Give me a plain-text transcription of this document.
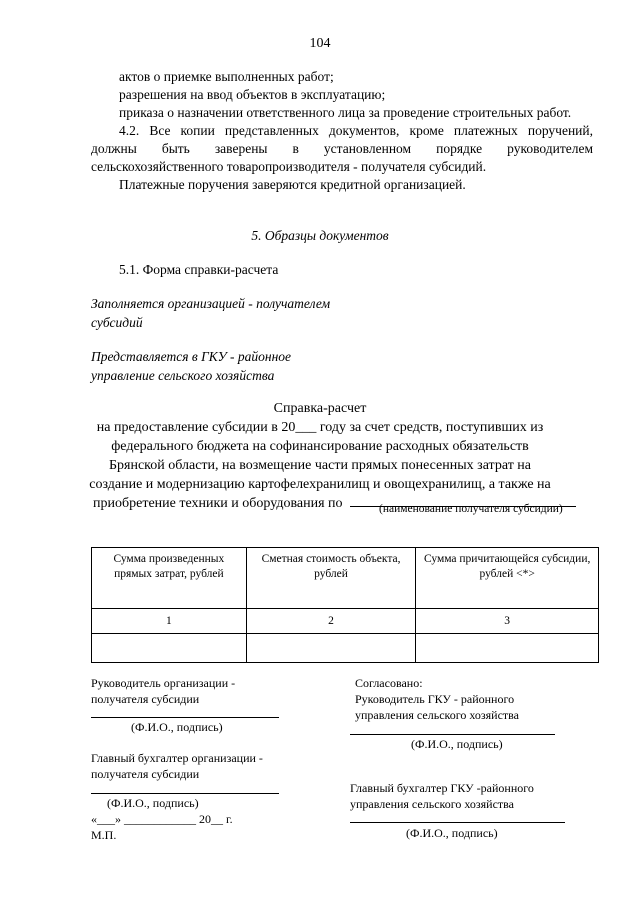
104

актов о приемке выполненных работ;

разрешения на ввод объектов в эксплуатацию;

приказа о назначении ответственного лица за проведение строительных работ.

4.2. Все копии представленных документов, кроме платежных поручений, должны быть заверены в установленном порядке руководителем сельскохозяйственного товаропроизводителя - получателя субсидий.

Платежные поручения заверяются кредитной организацией.

5. Образцы документов
5.1. Форма справки-расчета
Заполняется организацией - получателем
субсидий
Представляется в ГКУ - районное
управление сельского хозяйства
Справка-расчет
на предоставление субсидии в 20___ году за счет средств, поступивших из
федерального бюджета на софинансирование расходных обязательств
Брянской области, на возмещение части прямых понесенных затрат на
создание и модернизацию картофелехранилищ и овощехранилищ, а также на
приобретение техники и оборудования по	(наименование получателя субсидии)
Сумма произведенных прямых затрат, рублей	Сметная стоимость объекта, рублей	Сумма причитающейся субсидии, рублей <*>
1	2	3

Руководитель организации -
получателя субсидии
(Ф.И.О., подпись)
Главный бухгалтер организации -
получателя субсидии
(Ф.И.О., подпись)
«___» ____________ 20__ г.
М.П.
Согласовано:
Руководитель ГКУ - районного
управления сельского хозяйства
(Ф.И.О., подпись)
Главный бухгалтер ГКУ -районного
управления сельского хозяйства
(Ф.И.О., подпись)
